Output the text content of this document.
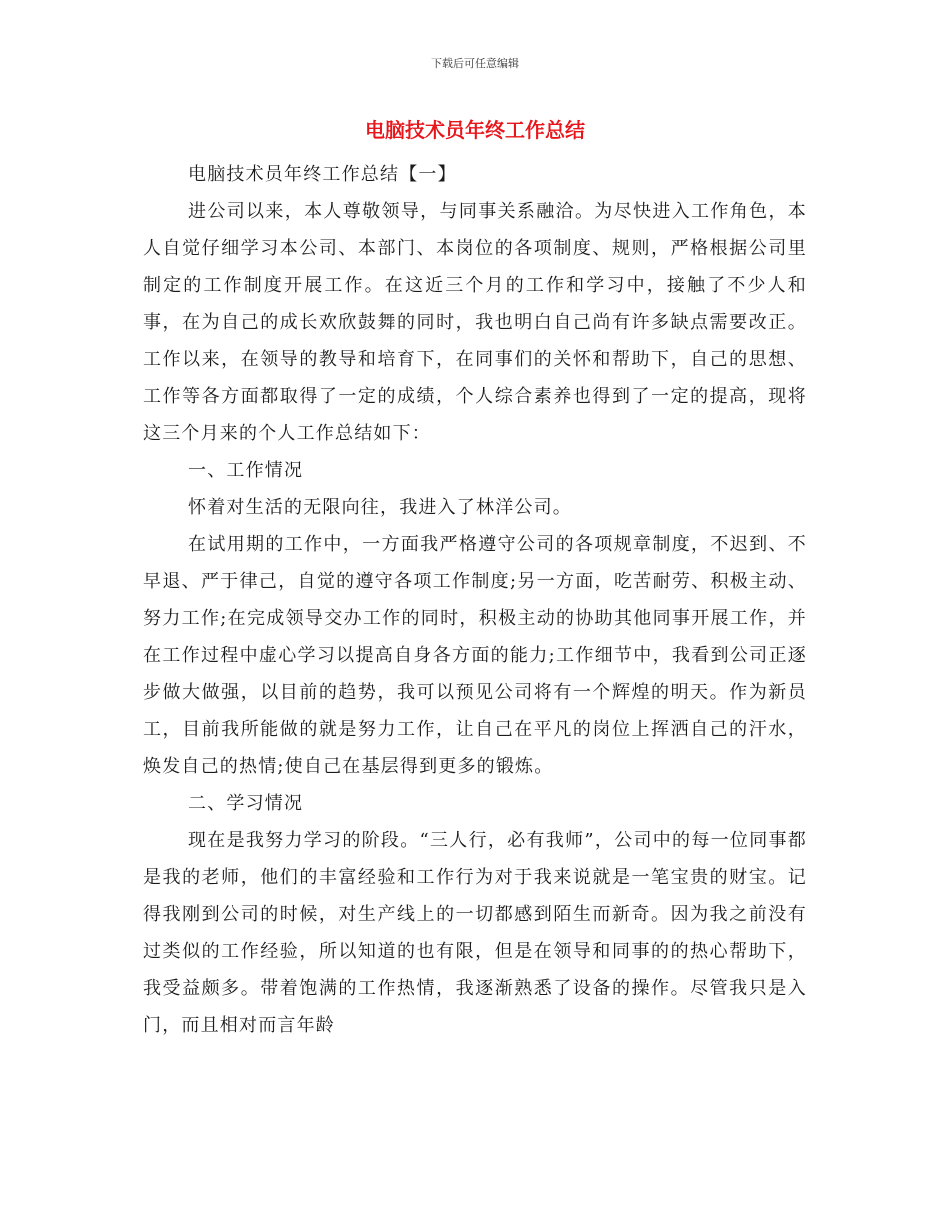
下载后可任意编辑
电脑技术员年终工作总结

电脑技术员年终工作总结【一】

进公司以来，本人尊敬领导，与同事关系融洽。为尽快进入工作角色，本人自觉仔细学习本公司、本部门、本岗位的各项制度、规则，严格根据公司里制定的工作制度开展工作。在这近三个月的工作和学习中，接触了不少人和事，在为自己的成长欢欣鼓舞的同时，我也明白自己尚有许多缺点需要改正。工作以来，在领导的教导和培育下，在同事们的关怀和帮助下，自己的思想、工作等各方面都取得了一定的成绩，个人综合素养也得到了一定的提高，现将这三个月来的个人工作总结如下：

一、工作情况

怀着对生活的无限向往，我进入了林洋公司。

在试用期的工作中，一方面我严格遵守公司的各项规章制度，不迟到、不早退、严于律己，自觉的遵守各项工作制度;另一方面，吃苦耐劳、积极主动、努力工作;在完成领导交办工作的同时，积极主动的协助其他同事开展工作，并在工作过程中虚心学习以提高自身各方面的能力;工作细节中，我看到公司正逐步做大做强，以目前的趋势，我可以预见公司将有一个辉煌的明天。作为新员工，目前我所能做的就是努力工作，让自己在平凡的岗位上挥洒自己的汗水，焕发自己的热情;使自己在基层得到更多的锻炼。

二、学习情况

现在是我努力学习的阶段。“三人行，必有我师”，公司中的每一位同事都是我的老师，他们的丰富经验和工作行为对于我来说就是一笔宝贵的财宝。记得我刚到公司的时候，对生产线上的一切都感到陌生而新奇。因为我之前没有过类似的工作经验，所以知道的也有限，但是在领导和同事的的热心帮助下，我受益颇多。带着饱满的工作热情，我逐渐熟悉了设备的操作。尽管我只是入门，而且相对而言年龄
